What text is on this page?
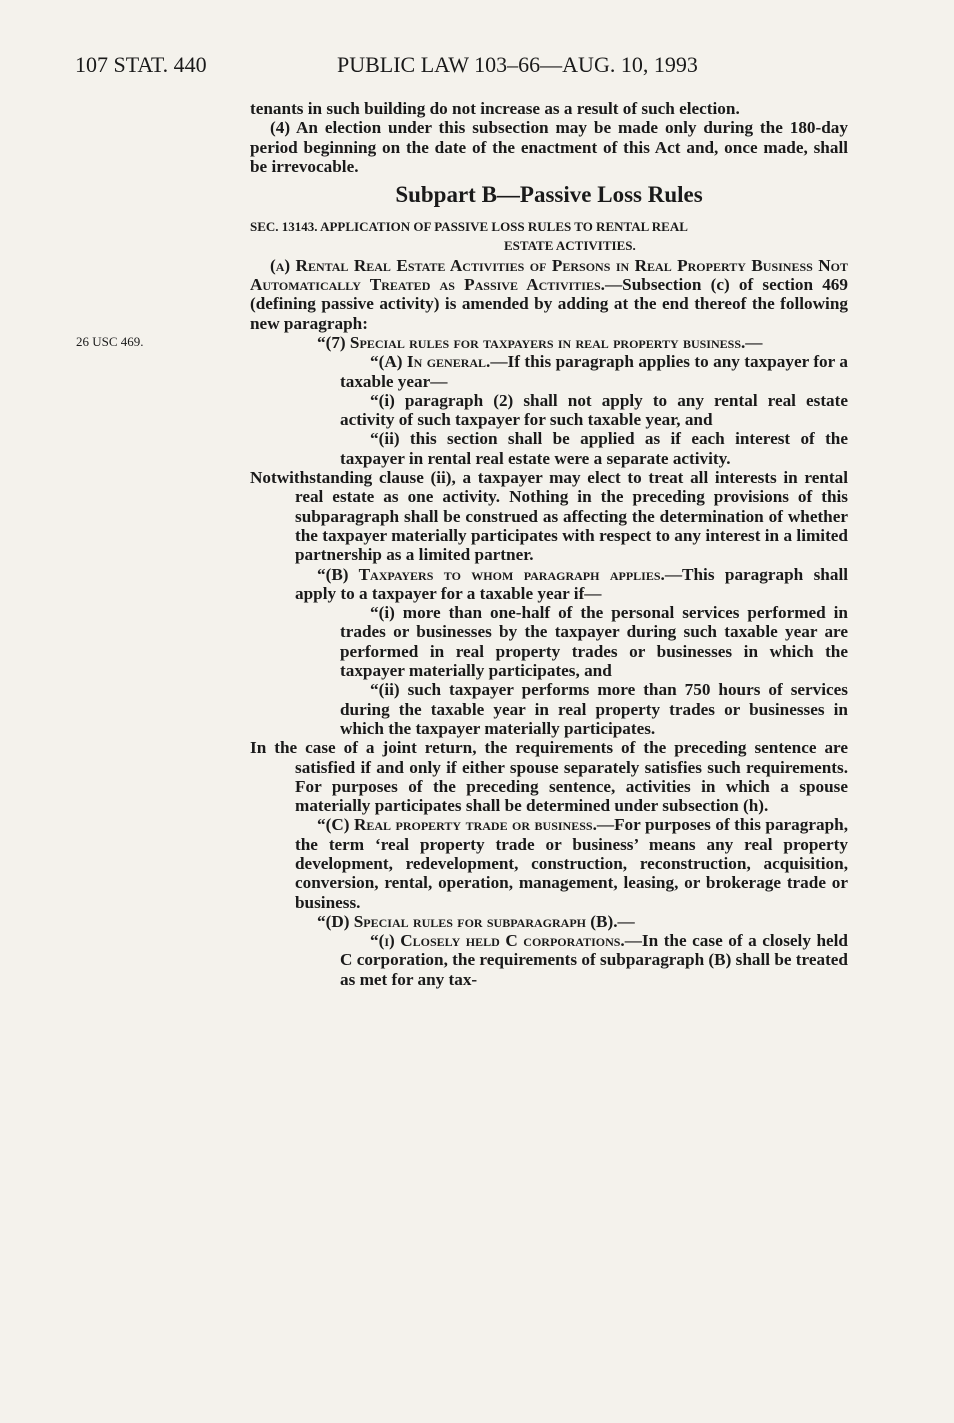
107 STAT. 440	PUBLIC LAW 103–66—AUG. 10, 1993
26 USC 469.

tenants in such building do not increase as a result of such election.

(4) An election under this subsection may be made only during the 180-day period beginning on the date of the enactment of this Act and, once made, shall be irrevocable.

Subpart B—Passive Loss Rules

SEC. 13143. APPLICATION OF PASSIVE LOSS RULES TO RENTAL REAL
ESTATE ACTIVITIES.

(a) Rental Real Estate Activities of Persons in Real Property Business Not Automatically Treated as Passive Activities.—Subsection (c) of section 469 (defining passive activity) is amended by adding at the end thereof the following new paragraph:

“(7) Special rules for taxpayers in real property business.—

“(A) In general.—If this paragraph applies to any taxpayer for a taxable year—

“(i) paragraph (2) shall not apply to any rental real estate activity of such taxpayer for such taxable year, and

“(ii) this section shall be applied as if each interest of the taxpayer in rental real estate were a separate activity.

Notwithstanding clause (ii), a taxpayer may elect to treat all interests in rental real estate as one activity. Nothing in the preceding provisions of this subparagraph shall be construed as affecting the determination of whether the taxpayer materially participates with respect to any interest in a limited partnership as a limited partner.

“(B) Taxpayers to whom paragraph applies.—This paragraph shall apply to a taxpayer for a taxable year if—

“(i) more than one-half of the personal services performed in trades or businesses by the taxpayer during such taxable year are performed in real property trades or businesses in which the taxpayer materially participates, and

“(ii) such taxpayer performs more than 750 hours of services during the taxable year in real property trades or businesses in which the taxpayer materially participates.

In the case of a joint return, the requirements of the preceding sentence are satisfied if and only if either spouse separately satisfies such requirements. For purposes of the preceding sentence, activities in which a spouse materially participates shall be determined under subsection (h).

“(C) Real property trade or business.—For purposes of this paragraph, the term ‘real property trade or business’ means any real property development, redevelopment, construction, reconstruction, acquisition, conversion, rental, operation, management, leasing, or brokerage trade or business.

“(D) Special rules for subparagraph (B).—

“(i) Closely held C corporations.—In the case of a closely held C corporation, the requirements of subparagraph (B) shall be treated as met for any tax-
